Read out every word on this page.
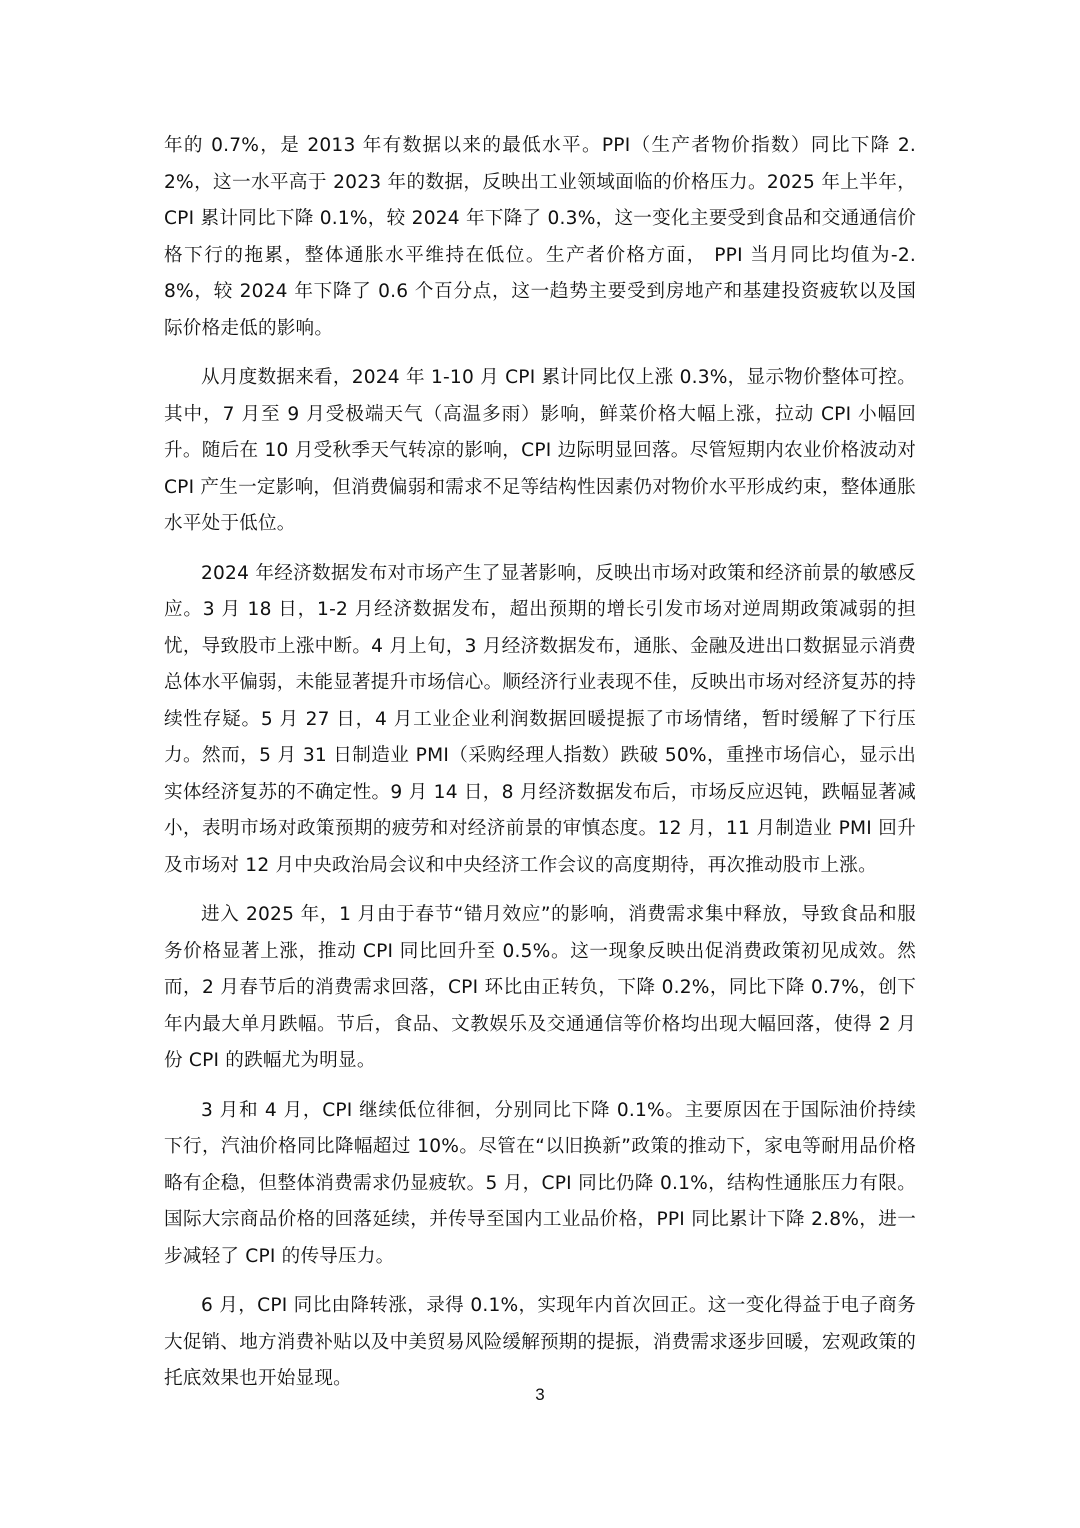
年的 0.7%，是 2013 年有数据以来的最低水平。PPI（生产者物价指数）同比下降 2.2%，这一水平高于 2023 年的数据，反映出工业领域面临的价格压力。2025 年上半年，CPI 累计同比下降 0.1%，较 2024 年下降了 0.3%，这一变化主要受到食品和交通通信价格下行的拖累，整体通胀水平维持在低位。生产者价格方面， PPI 当月同比均值为-2.8%，较 2024 年下降了 0.6 个百分点，这一趋势主要受到房地产和基建投资疲软以及国际价格走低的影响。

从月度数据来看，2024 年 1-10 月 CPI 累计同比仅上涨 0.3%，显示物价整体可控。其中，7 月至 9 月受极端天气（高温多雨）影响，鲜菜价格大幅上涨，拉动 CPI 小幅回升。随后在 10 月受秋季天气转凉的影响，CPI 边际明显回落。尽管短期内农业价格波动对 CPI 产生一定影响，但消费偏弱和需求不足等结构性因素仍对物价水平形成约束，整体通胀水平处于低位。

2024 年经济数据发布对市场产生了显著影响，反映出市场对政策和经济前景的敏感反应。3 月 18 日，1-2 月经济数据发布，超出预期的增长引发市场对逆周期政策减弱的担忧，导致股市上涨中断。4 月上旬，3 月经济数据发布，通胀、金融及进出口数据显示消费总体水平偏弱，未能显著提升市场信心。顺经济行业表现不佳，反映出市场对经济复苏的持续性存疑。5 月 27 日，4 月工业企业利润数据回暖提振了市场情绪，暂时缓解了下行压力。然而，5 月 31 日制造业 PMI（采购经理人指数）跌破 50%，重挫市场信心，显示出实体经济复苏的不确定性。9 月 14 日，8 月经济数据发布后，市场反应迟钝，跌幅显著减小，表明市场对政策预期的疲劳和对经济前景的审慎态度。12 月，11 月制造业 PMI 回升及市场对 12 月中央政治局会议和中央经济工作会议的高度期待，再次推动股市上涨。

进入 2025 年，1 月由于春节“错月效应”的影响，消费需求集中释放，导致食品和服务价格显著上涨，推动 CPI 同比回升至 0.5%。这一现象反映出促消费政策初见成效。然而，2 月春节后的消费需求回落，CPI 环比由正转负，下降 0.2%，同比下降 0.7%，创下年内最大单月跌幅。节后，食品、文教娱乐及交通通信等价格均出现大幅回落，使得 2 月份 CPI 的跌幅尤为明显。

3 月和 4 月，CPI 继续低位徘徊，分别同比下降 0.1%。主要原因在于国际油价持续下行，汽油价格同比降幅超过 10%。尽管在“以旧换新”政策的推动下，家电等耐用品价格略有企稳，但整体消费需求仍显疲软。5 月，CPI 同比仍降 0.1%，结构性通胀压力有限。国际大宗商品价格的回落延续，并传导至国内工业品价格，PPI 同比累计下降 2.8%，进一步减轻了 CPI 的传导压力。

6 月，CPI 同比由降转涨，录得 0.1%，实现年内首次回正。这一变化得益于电子商务大促销、地方消费补贴以及中美贸易风险缓解预期的提振，消费需求逐步回暖，宏观政策的托底效果也开始显现。

3
